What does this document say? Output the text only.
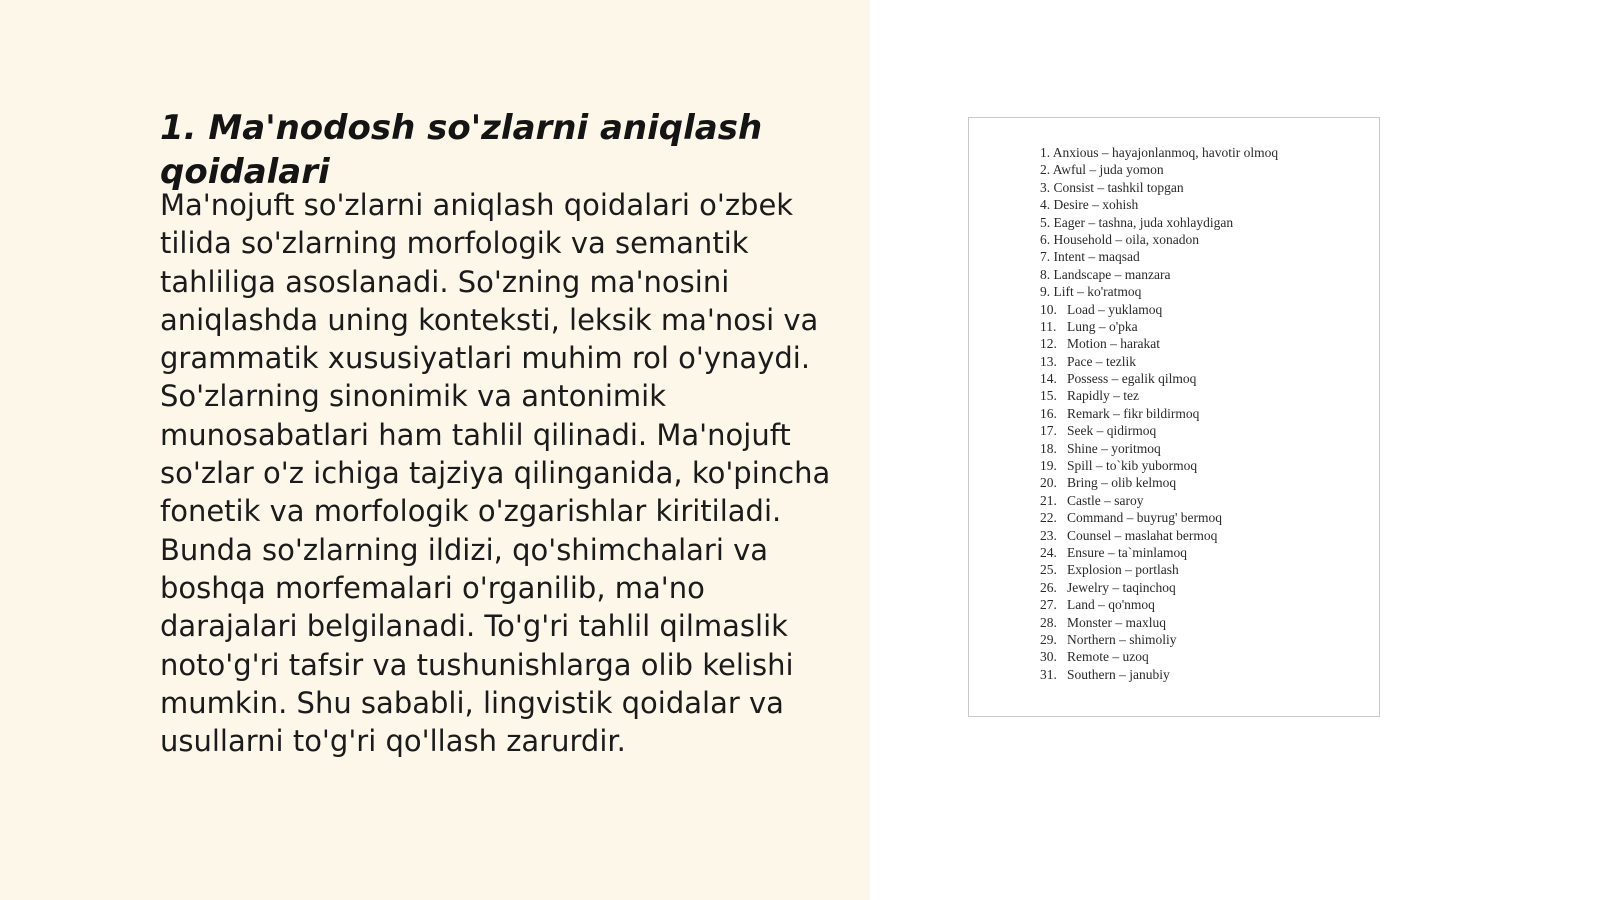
1. Ma'nodosh so'zlarni aniqlash qoidalari

Ma'nojuft so'zlarni aniqlash qoidalari o'zbek tilida so'zlarning morfologik va semantik tahliliga asoslanadi. So'zning ma'nosini aniqlashda uning konteksti, leksik ma'nosi va grammatik xususiyatlari muhim rol o'ynaydi. So'zlarning sinonimik va antonimik munosabatlari ham tahlil qilinadi. Ma'nojuft so'zlar o'z ichiga tajziya qilinganida, ko'pincha fonetik va morfologik o'zgarishlar kiritiladi. Bunda so'zlarning ildizi, qo'shimchalari va boshqa morfemalari o'rganilib, ma'no darajalari belgilanadi. To'g'ri tahlil qilmaslik noto'g'ri tafsir va tushunishlarga olib kelishi mumkin. Shu sababli, lingvistik qoidalar va usullarni to'g'ri qo'llash zarurdir.

1. Anxious – hayajonlanmoq, havotir olmoq
2. Awful – juda yomon
3. Consist – tashkil topgan
4. Desire – xohish
5. Eager – tashna, juda xohlaydigan
6. Household – oila, xonadon
7. Intent – maqsad
8. Landscape – manzara
9. Lift – ko'ratmoq
10. Load – yuklamoq
11. Lung – o'pka
12. Motion – harakat
13. Pace – tezlik
14. Possess – egalik qilmoq
15. Rapidly – tez
16. Remark – fikr bildirmoq
17. Seek – qidirmoq
18. Shine – yoritmoq
19. Spill – to`kib yubormoq
20. Bring – olib kelmoq
21. Castle – saroy
22. Command – buyrug' bermoq
23. Counsel – maslahat bermoq
24. Ensure – ta`minlamoq
25. Explosion – portlash
26. Jewelry – taqinchoq
27. Land – qo'nmoq
28. Monster – maxluq
29. Northern – shimoliy
30. Remote – uzoq
31. Southern – janubiy
